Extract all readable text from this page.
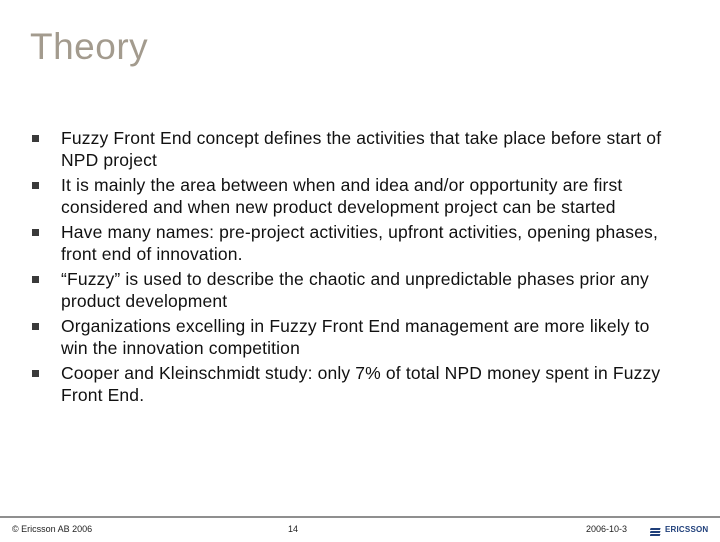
Theory
Fuzzy Front End concept defines the activities that take place before start of NPD project
It is mainly the area between when and idea and/or opportunity are first considered and when new product development project can be started
Have many names: pre-project activities, upfront activities, opening phases, front end of innovation.
“Fuzzy” is used to describe the chaotic and unpredictable phases prior any product development
Organizations excelling in Fuzzy Front End management are more likely to win the innovation competition
Cooper and Kleinschmidt study: only 7% of total NPD money spent in Fuzzy Front End.
© Ericsson AB 2006	14	2006-10-3	ERICSSON
